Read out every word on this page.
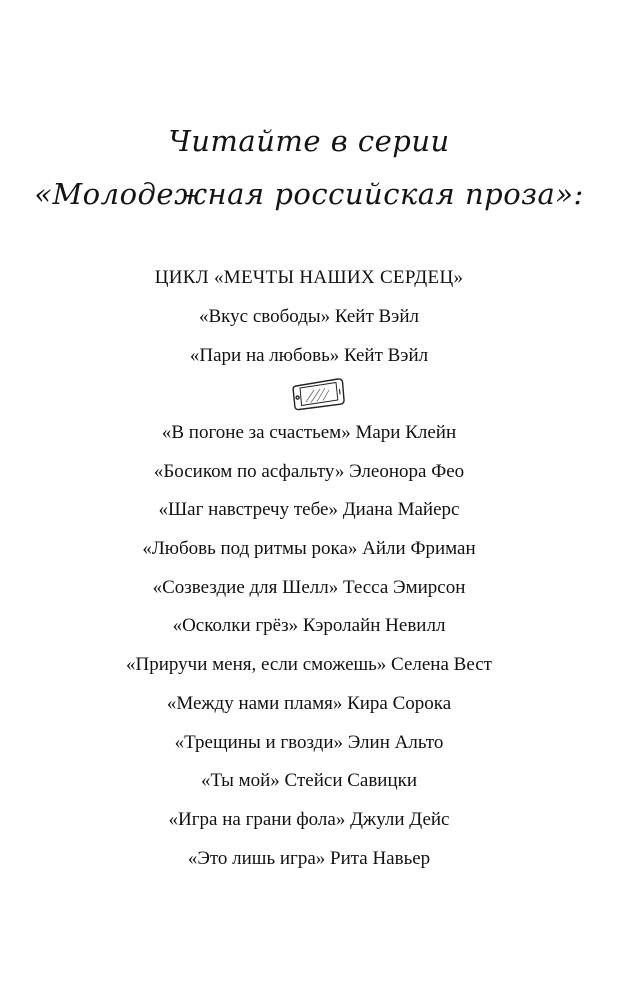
Читайте в серии
«Молодежная российская проза»:
ЦИКЛ «МЕЧТЫ НАШИХ СЕРДЕЦ»
«Вкус свободы» Кейт Вэйл
«Пари на любовь» Кейт Вэйл
«В погоне за счастьем» Мари Клейн
«Босиком по асфальту» Элеонора Фео
«Шаг навстречу тебе» Диана Майерс
«Любовь под ритмы рока» Айли Фриман
«Созвездие для Шелл» Тесса Эмирсон
«Осколки грёз» Кэролайн Невилл
«Приручи меня, если сможешь» Селена Вест
«Между нами пламя» Кира Сорока
«Трещины и гвозди» Элин Альто
«Ты мой» Стейси Савицки
«Игра на грани фола» Джули Дейс
«Это лишь игра» Рита Навьер
